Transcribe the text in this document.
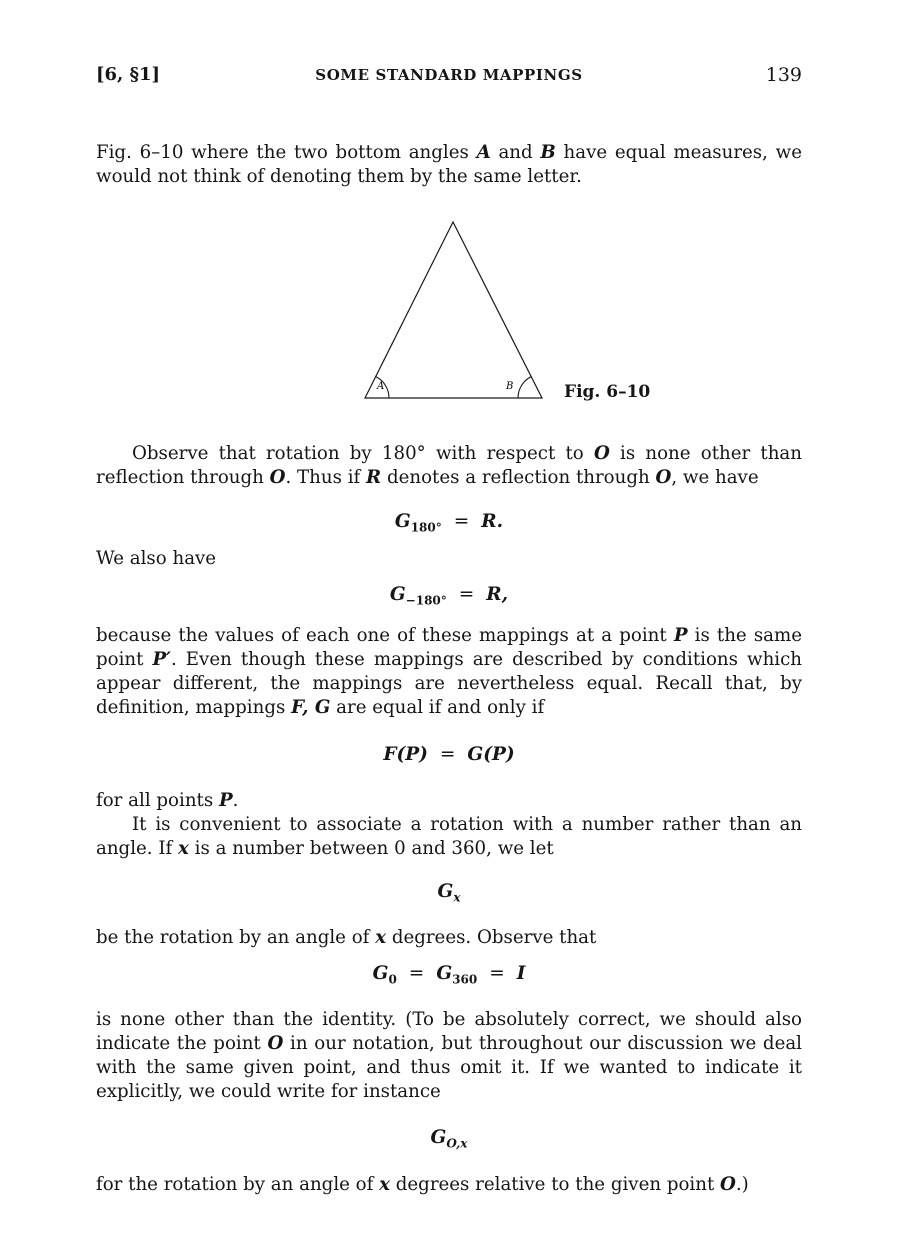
[6, §1]	SOME STANDARD MAPPINGS	139

Fig. 6–10 where the two bottom angles A and B have equal measures, we would not think of denoting them by the same letter.

A	B	Fig. 6–10

Observe that rotation by 180° with respect to O is none other than reflection through O. Thus if R denotes a reflection through O, we have

$G_{180^\circ} = R$.

We also have

$G_{-180^\circ} = R$,

because the values of each one of these mappings at a point P is the same point P′. Even though these mappings are described by conditions which appear different, the mappings are nevertheless equal. Recall that, by definition, mappings F, G are equal if and only if

F(P) = G(P)

for all points P.

It is convenient to associate a rotation with a number rather than an angle. If x is a number between 0 and 360, we let

$G_x$

be the rotation by an angle of x degrees. Observe that

$G_0 = G_{360} = I$

is none other than the identity. (To be absolutely correct, we should also indicate the point O in our notation, but throughout our discussion we deal with the same given point, and thus omit it. If we wanted to indicate it explicitly, we could write for instance

$G_{O,x}$

for the rotation by an angle of x degrees relative to the given point O.)
